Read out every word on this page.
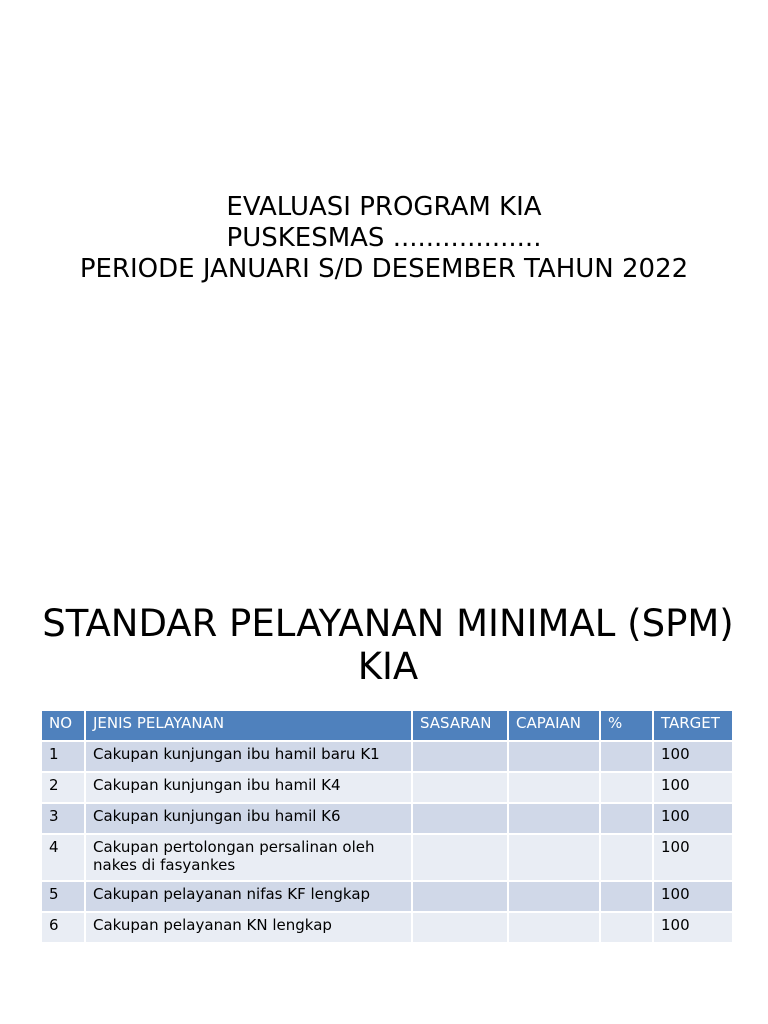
EVALUASI PROGRAM KIA
PUSKESMAS ..................
PERIODE JANUARI S/D DESEMBER TAHUN 2022
STANDAR PELAYANAN MINIMAL (SPM)
KIA
NO	JENIS PELAYANAN	SASARAN	CAPAIAN	%	TARGET
1	Cakupan kunjungan ibu hamil baru K1				100
2	Cakupan kunjungan ibu hamil K4				100
3	Cakupan kunjungan ibu hamil K6				100
4	Cakupan pertolongan persalinan oleh nakes di fasyankes				100
5	Cakupan pelayanan nifas KF lengkap				100
6	Cakupan pelayanan KN lengkap				100
